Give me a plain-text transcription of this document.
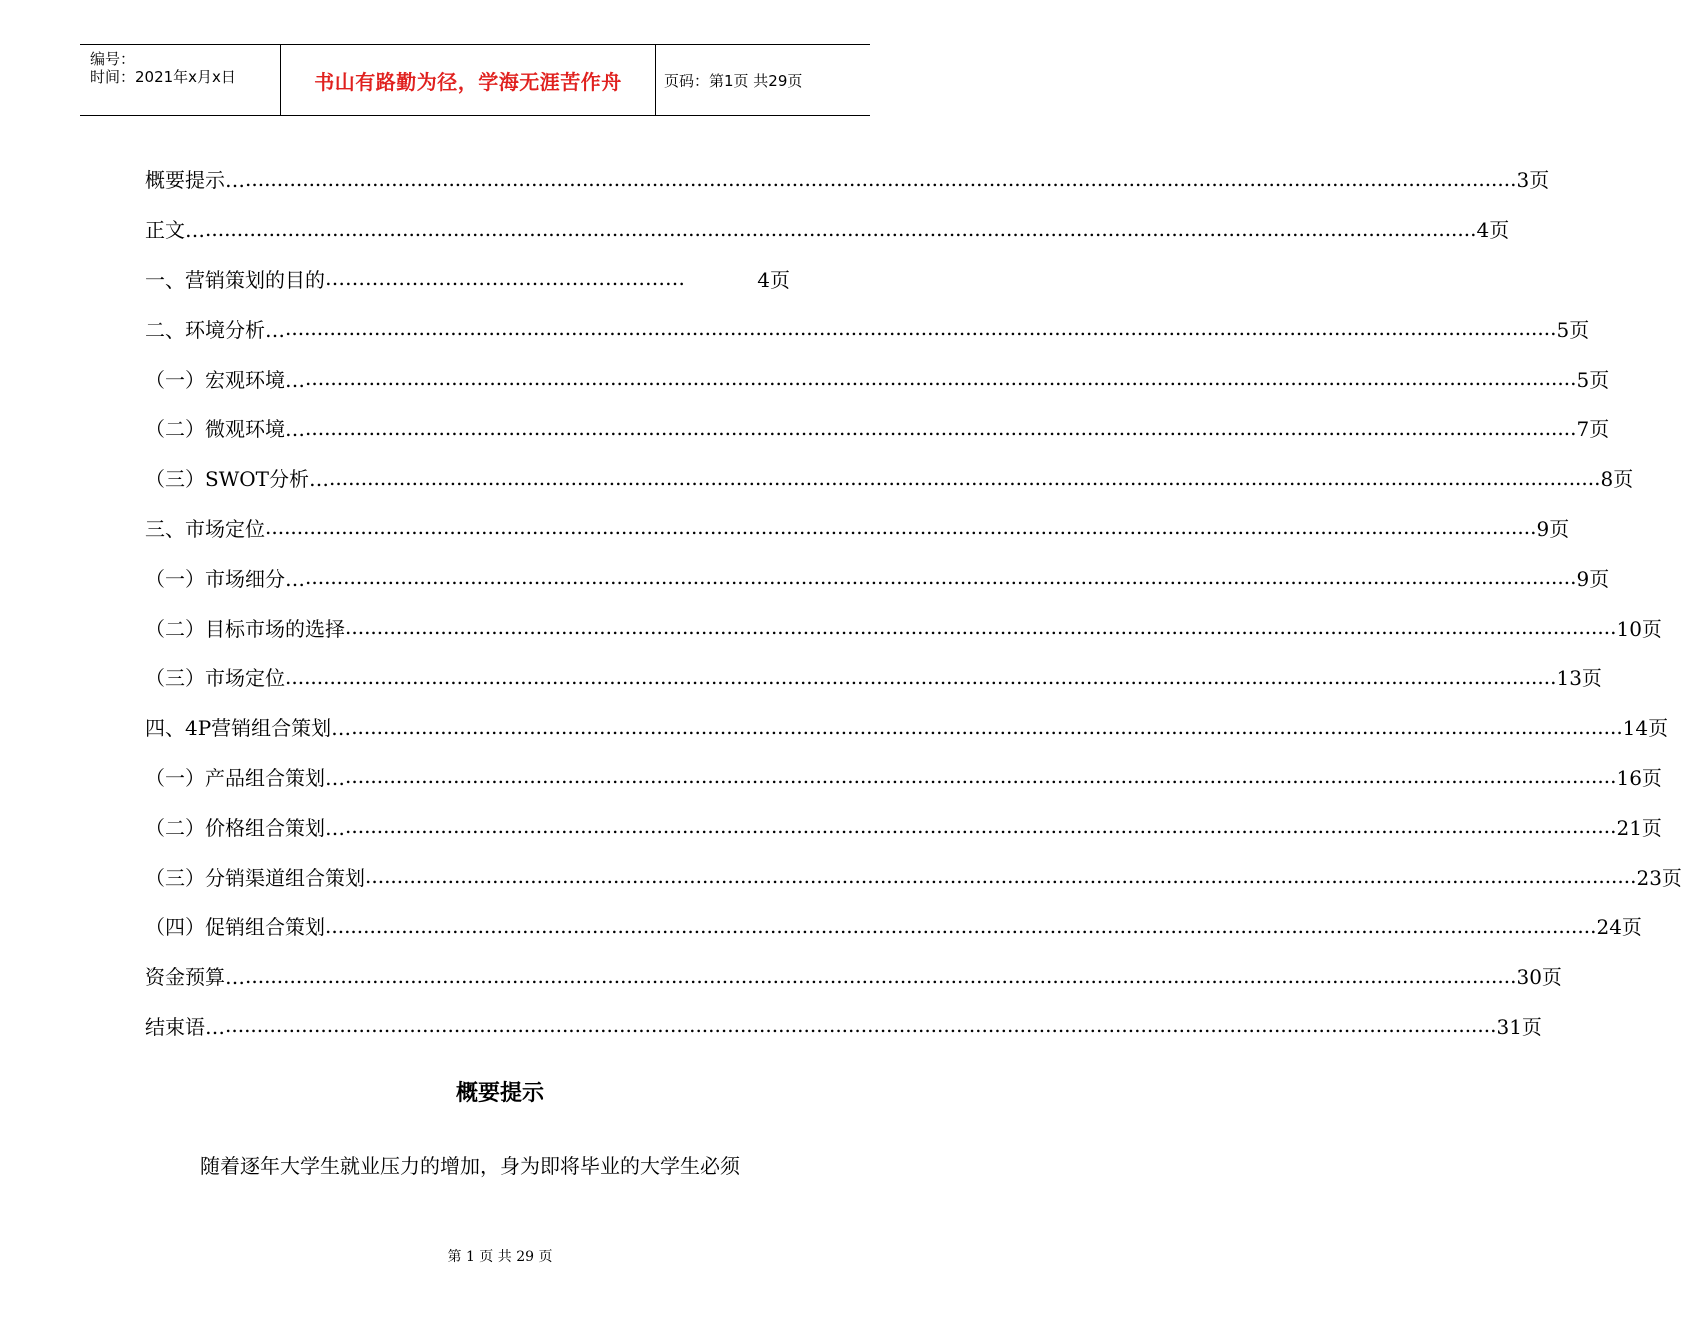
编号：
时间：2021年x月x日	书山有路勤为径，学海无涯苦作舟	页码：第1页 共29页
概要提示… ........................................................................................................................................................................................................ 3页
正文… ........................................................................................................................................................................................................ 4页
一、营销策划的目的 ………………………………………………	4页
二、环境分析… ........................................................................................................................................................................................................ 5页
（一）宏观环境… ........................................................................................................................................................................................................ 5页
（二）微观环境… ........................................................................................................................................................................................................ 7页
（三）SWOT分析… ........................................................................................................................................................................................................ 8页
三、市场定位 ........................................................................................................................................................................................................ 9页
（一）市场细分… ........................................................................................................................................................................................................ 9页
（二）目标市场的选择 ........................................................................................................................................................................................................ 10页
（三）市场定位 ........................................................................................................................................................................................................ 13页
四、4P营销组合策划… ........................................................................................................................................................................................................ 14页
（一）产品组合策划… ........................................................................................................................................................................................................ 16页
（二）价格组合策划… ........................................................................................................................................................................................................ 21页
（三）分销渠道组合策划 ........................................................................................................................................................................................................ 23页
（四）促销组合策划 ........................................................................................................................................................................................................ 24页
资金预算… ........................................................................................................................................................................................................ 30页
结束语… ........................................................................................................................................................................................................ 31页
概要提示
随着逐年大学生就业压力的增加，身为即将毕业的大学生必须
第 1 页 共 29 页
